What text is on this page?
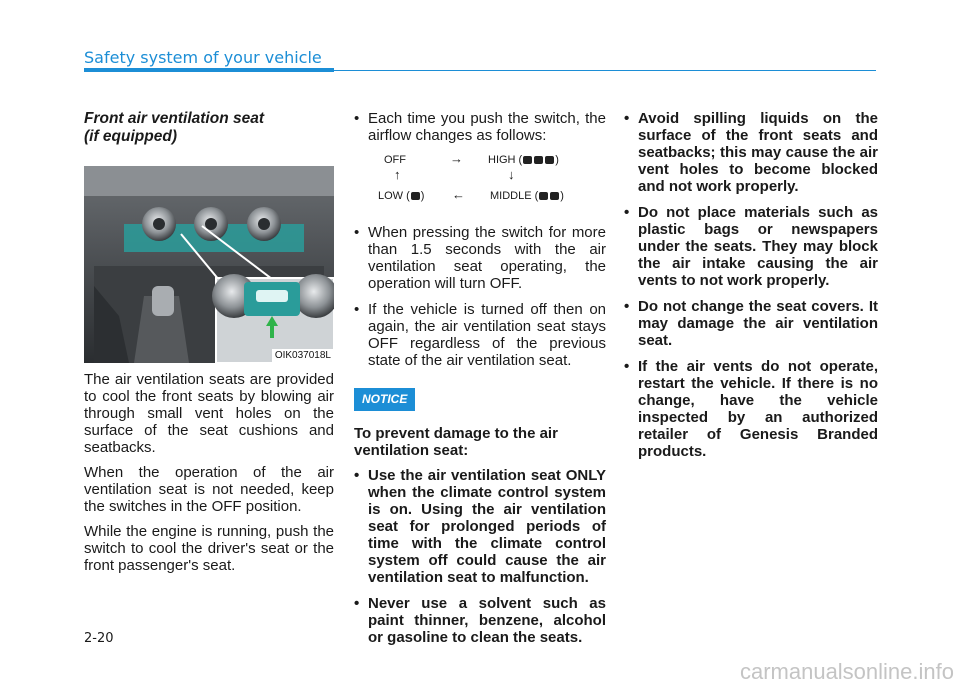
Safety system of your vehicle
Front air ventilation seat
(if equipped)
OIK037018L

The air ventilation seats are provided to cool the front seats by blowing air through small vent holes on the surface of the seat cushions and seatbacks.

When the operation of the air ventilation seat is not needed, keep the switches in the OFF position.

While the engine is running, push the switch to cool the driver's seat or the front passenger's seat.

• Each time you push the switch, the airflow changes as follows:
OFF	→ HIGH (	)
↑	↓
LOW ( ) ← MIDDLE ( )
• When pressing the switch for more than 1.5 seconds with the air ventilation seat operating, the operation will turn OFF.
• If the vehicle is turned off then on again, the air ventilation seat stays OFF regardless of the previous state of the air ventilation seat.
NOTICE
To prevent damage to the air ventilation seat:
• Use the air ventilation seat ONLY when the climate control system is on. Using the air ventilation seat for prolonged periods of time with the climate control system off could cause the air ventilation seat to malfunction.
• Never use a solvent such as paint thinner, benzene, alcohol or gasoline to clean the seats.
• Avoid spilling liquids on the surface of the front seats and seatbacks; this may cause the air vent holes to become blocked and not work properly.
• Do not place materials such as plastic bags or newspapers under the seats. They may block the air intake causing the air vents to not work properly.
• Do not change the seat covers. It may damage the air ventilation seat.
• If the air vents do not operate, restart the vehicle. If there is no change, have the vehicle inspected by an authorized retailer of Genesis Branded products.
2-20
carmanualsonline.info
